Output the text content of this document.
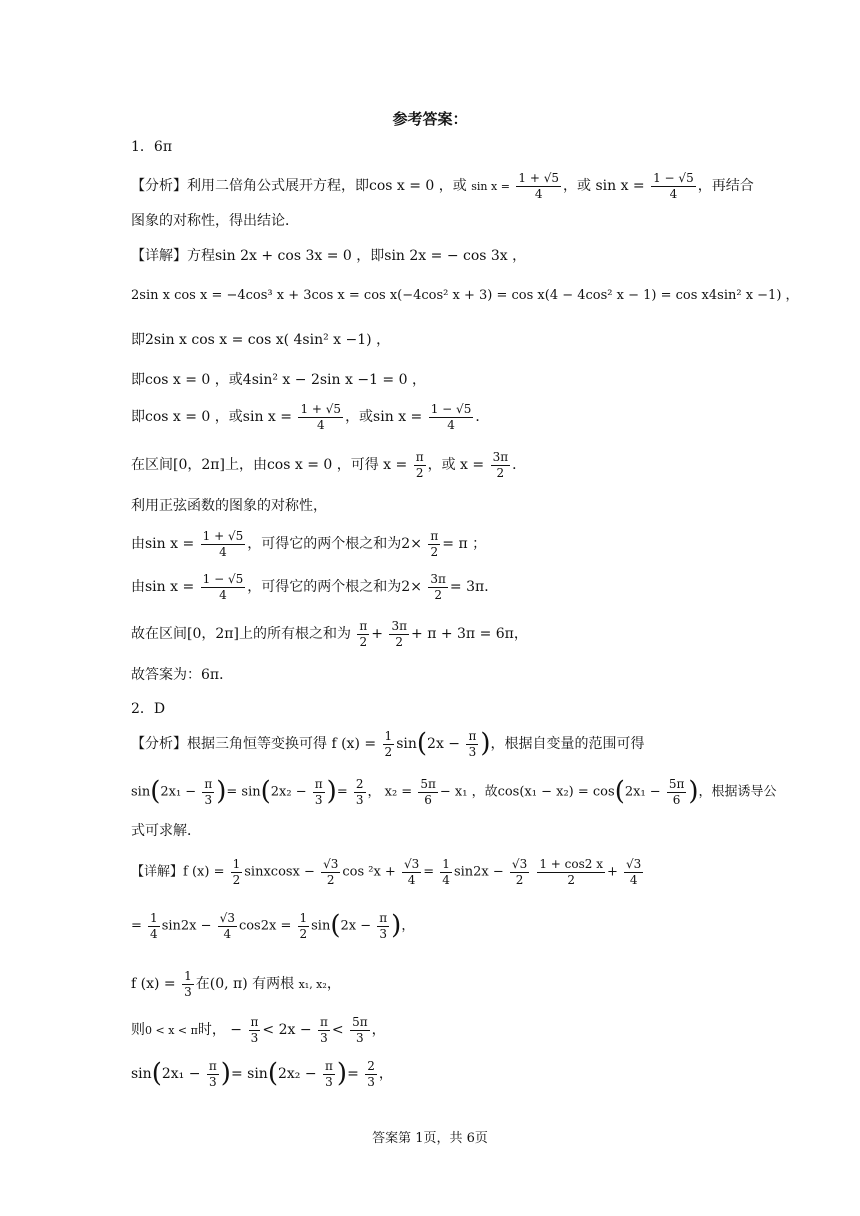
参考答案：
1．6π
【分析】利用二倍角公式展开方程，即cos x = 0 ，或 $\sin x = \frac{1 + √5}{4}$ ，或 $\sin x = \frac{1 - √5}{4}$ ，再结合
图象的对称性，得出结论．
【详解】方程sin 2x + cos 3x = 0 ，即sin 2x = − cos 3x ，
2sin x cos x = −4cos³ x + 3cos x = cos x(−4cos² x + 3) = cos x(4 − 4cos² x − 1) = cos x4sin² x −1) ，
即2sin x cos x = cos x( 4sin² x −1) ，
即cos x = 0 ，或4sin² x − 2sin x −1 = 0 ，
即cos x = 0 ，或$\sin x = \frac{1 + √5}{4}$ ，或$\sin x = \frac{1 - √5}{4}$ ．
在区间[0，2π]上，由cos x = 0 ，可得 $x = \frac{\pi}{2}$ ，或 $x = \frac{3\pi}{2}$ ．
利用正弦函数的图象的对称性，
由$\sin x = \frac{1 + √5}{4}$ ，可得它的两个根之和为$2\times \frac{\pi}{2} = \pi$ ；
由$\sin x = \frac{1 - √5}{4}$ ，可得它的两个根之和为$2\times \frac{3\pi}{2} = 3\pi$．
故在区间[0，2π]上的所有根之和为 $\frac{\pi}{2} + \frac{3\pi}{2} + \pi + 3\pi = 6\pi$，
故答案为：6π．
2．D
【分析】根据三角恒等变换可得 f $(x) = \frac{1}{2} \sin(2x - \frac{\pi}{3}$ )，根据自变量的范围可得
$\sin(2x_1 - \frac{\pi}{3}$ )= $\sin(2x_2 - \frac{\pi}{3}$ )= $\frac{2}{3}$ ， $x_2 = \frac{5\pi}{6} - x_1$ ，故$\cos(x_1 - x_2) = \cos(2x_1 - \frac{5\pi}{6}$ )，根据诱导公
式可求解．
【详解】f $(x) = \frac{1}{2}$ sinxcosx − $\frac{√3}{2}$ $\cos ^2x + \frac{√3}{4} = \frac{1}{4} \sin 2x - \frac{√3}{2}$
$\frac{1 + \cos 2 x}{2} + \frac{√3}{4}$
= $\frac{1}{4} \sin 2x - \frac{√3}{4} \cos 2x = \frac{1}{2} \sin(2x - \frac{\pi}{3}$ )，
f $(x) = \frac{1}{3}$ 在(0, π) 有两根 x₁, x₂，
则0 < x < π时， − $\frac{\pi}{3} < 2x - \frac{\pi}{3} < \frac{5\pi}{3}$ ，
$\sin(2x_1 - \frac{\pi}{3}$ )= $\sin(2x_2 - \frac{\pi}{3}$ )= $\frac{2}{3}$ ，
答案第 1页，共 6页
